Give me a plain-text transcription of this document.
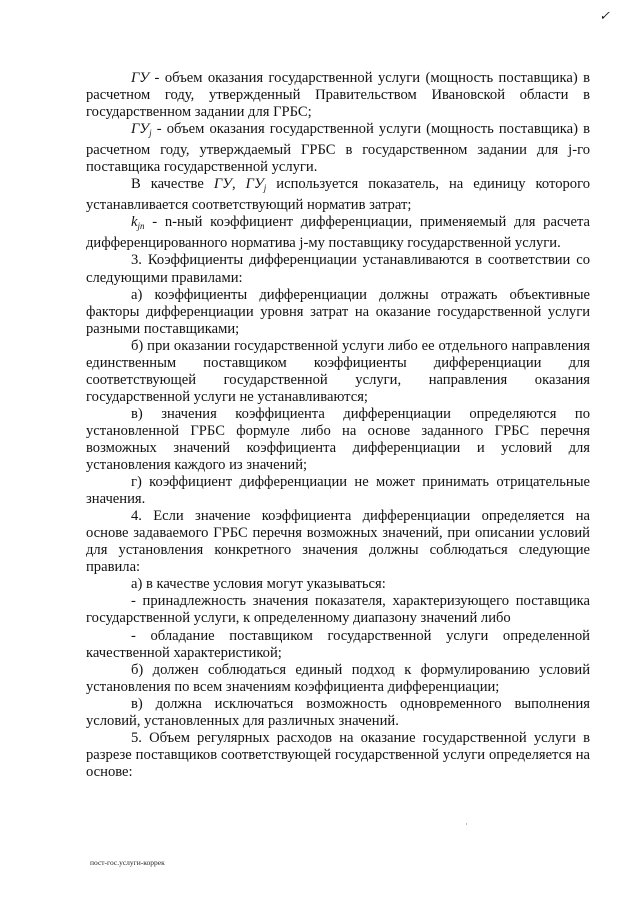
✓

ГУ - объем оказания государственной услуги (мощность поставщика) в расчетном году, утвержденный Правительством Ивановской области в государственном задании для ГРБС;

$ГУ_j$ - объем оказания государственной услуги (мощность поставщика) в расчетном году, утверждаемый ГРБС в государственном задании для j-го поставщика государственной услуги.

В качестве ГУ, $ГУ_j$ используется показатель, на единицу которого устанавливается соответствующий норматив затрат;

$k_{jn} - n-ный$ коэффициент дифференциации, применяемый для расчета дифференцированного норматива j-му поставщику государственной услуги.

3. Коэффициенты дифференциации устанавливаются в соответствии со следующими правилами:

а) коэффициенты дифференциации должны отражать объективные факторы дифференциации уровня затрат на оказание государственной услуги разными поставщиками;

б) при оказании государственной услуги либо ее отдельного направления единственным поставщиком коэффициенты дифференциации для соответствующей государственной услуги, направления оказания государственной услуги не устанавливаются;

в) значения коэффициента дифференциации определяются по установленной ГРБС формуле либо на основе заданного ГРБС перечня возможных значений коэффициента дифференциации и условий для установления каждого из значений;

г) коэффициент дифференциации не может принимать отрицательные значения.

4. Если значение коэффициента дифференциации определяется на основе задаваемого ГРБС перечня возможных значений, при описании условий для установления конкретного значения должны соблюдаться следующие правила:

а) в качестве условия могут указываться:

- принадлежность значения показателя, характеризующего поставщика государственной услуги, к определенному диапазону значений либо

- обладание поставщиком государственной услуги определенной качественной характеристикой;

б) должен соблюдаться единый подход к формулированию условий установления по всем значениям коэффициента дифференциации;

в) должна исключаться возможность одновременного выполнения условий, установленных для различных значений.

5. Объем регулярных расходов на оказание государственной услуги в разрезе поставщиков соответствующей государственной услуги определяется на основе:

пост-гос.услуги-коррек
